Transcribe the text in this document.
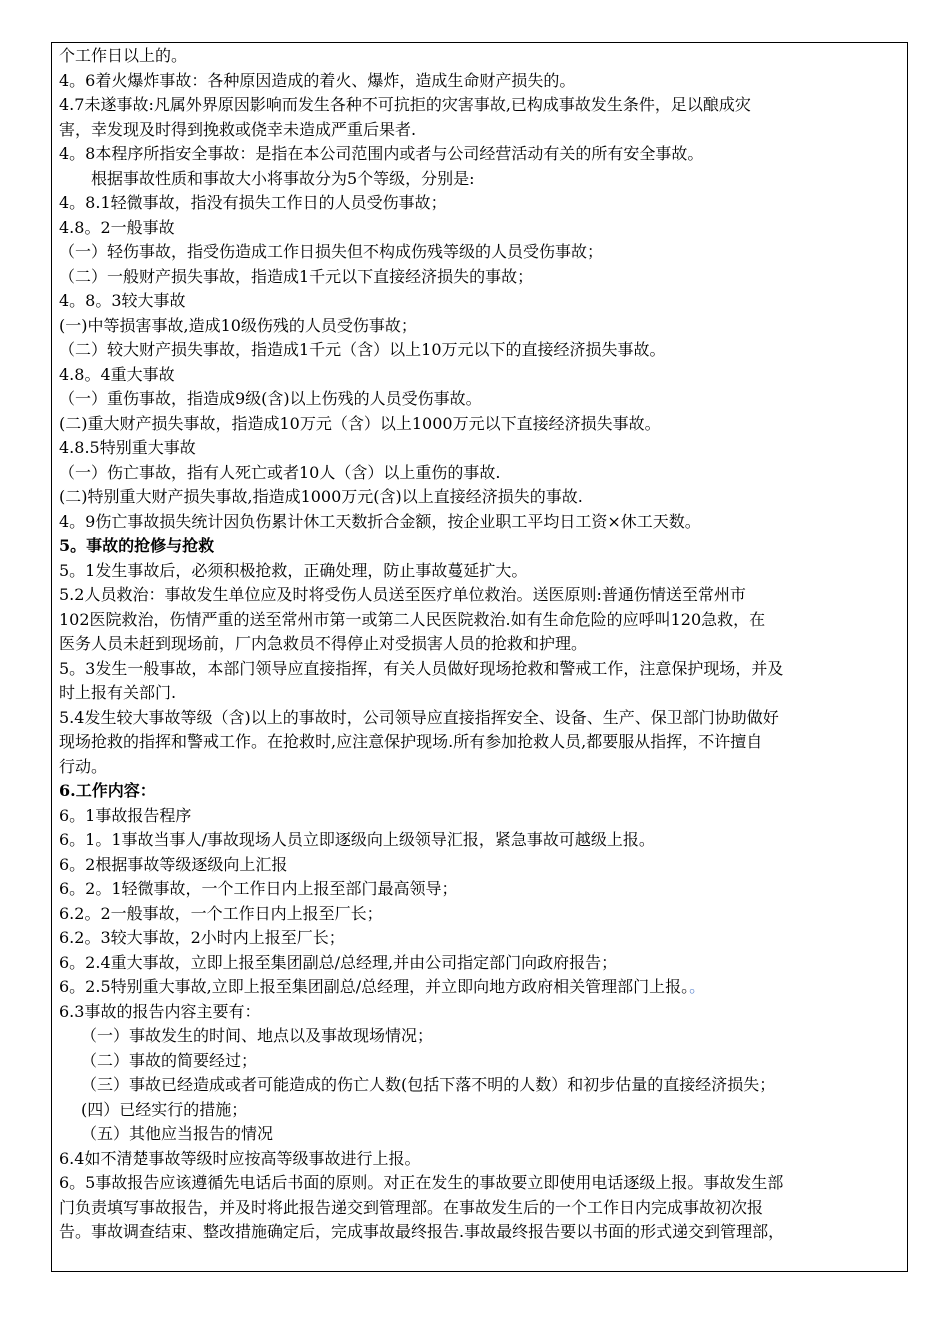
个工作日以上的。
4。6着火爆炸事故：各种原因造成的着火、爆炸，造成生命财产损失的。
4.7未遂事故:凡属外界原因影响而发生各种不可抗拒的灾害事故,已构成事故发生条件，足以酿成灾
害，幸发现及时得到挽救或侥幸未造成严重后果者.
4。8本程序所指安全事故：是指在本公司范围内或者与公司经营活动有关的所有安全事故。
根据事故性质和事故大小将事故分为5个等级，分别是:
4。8.1轻微事故，指没有损失工作日的人员受伤事故；
4.8。2一般事故
（一）轻伤事故，指受伤造成工作日损失但不构成伤残等级的人员受伤事故；
（二）一般财产损失事故，指造成1千元以下直接经济损失的事故；
4。8。3较大事故
(一)中等损害事故,造成10级伤残的人员受伤事故；
（二）较大财产损失事故，指造成1千元（含）以上10万元以下的直接经济损失事故。
4.8。4重大事故
（一）重伤事故，指造成9级(含)以上伤残的人员受伤事故。
(二)重大财产损失事故，指造成10万元（含）以上1000万元以下直接经济损失事故。
4.8.5特别重大事故
（一）伤亡事故，指有人死亡或者10人（含）以上重伤的事故.
(二)特别重大财产损失事故,指造成1000万元(含)以上直接经济损失的事故.
4。9伤亡事故损失统计因负伤累计休工天数折合金额，按企业职工平均日工资×休工天数。
5。事故的抢修与抢救
5。1发生事故后，必须积极抢救，正确处理，防止事故蔓延扩大。
5.2人员救治：事故发生单位应及时将受伤人员送至医疗单位救治。送医原则:普通伤情送至常州市
102医院救治，伤情严重的送至常州市第一或第二人民医院救治.如有生命危险的应呼叫120急救，在
医务人员未赶到现场前，厂内急救员不得停止对受损害人员的抢救和护理。
5。3发生一般事故，本部门领导应直接指挥，有关人员做好现场抢救和警戒工作，注意保护现场，并及
时上报有关部门.
5.4发生较大事故等级（含)以上的事故时，公司领导应直接指挥安全、设备、生产、保卫部门协助做好
现场抢救的指挥和警戒工作。在抢救时,应注意保护现场.所有参加抢救人员,都要服从指挥，不许擅自
行动。
6.工作内容：
6。1事故报告程序
6。1。1事故当事人/事故现场人员立即逐级向上级领导汇报，紧急事故可越级上报。
6。2根据事故等级逐级向上汇报
6。2。1轻微事故，一个工作日内上报至部门最高领导；
6.2。2一般事故，一个工作日内上报至厂长；
6.2。3较大事故，2小时内上报至厂长；
6。2.4重大事故，立即上报至集团副总/总经理,并由公司指定部门向政府报告；
6。2.5特别重大事故,立即上报至集团副总/总经理，并立即向地方政府相关管理部门上报。。
6.3事故的报告内容主要有：
（一）事故发生的时间、地点以及事故现场情况；
（二）事故的简要经过；
（三）事故已经造成或者可能造成的伤亡人数(包括下落不明的人数）和初步估量的直接经济损失；
(四）已经实行的措施；
（五）其他应当报告的情况
6.4如不清楚事故等级时应按高等级事故进行上报。
6。5事故报告应该遵循先电话后书面的原则。对正在发生的事故要立即使用电话逐级上报。事故发生部
门负责填写事故报告，并及时将此报告递交到管理部。在事故发生后的一个工作日内完成事故初次报
告。事故调查结束、整改措施确定后，完成事故最终报告.事故最终报告要以书面的形式递交到管理部，
